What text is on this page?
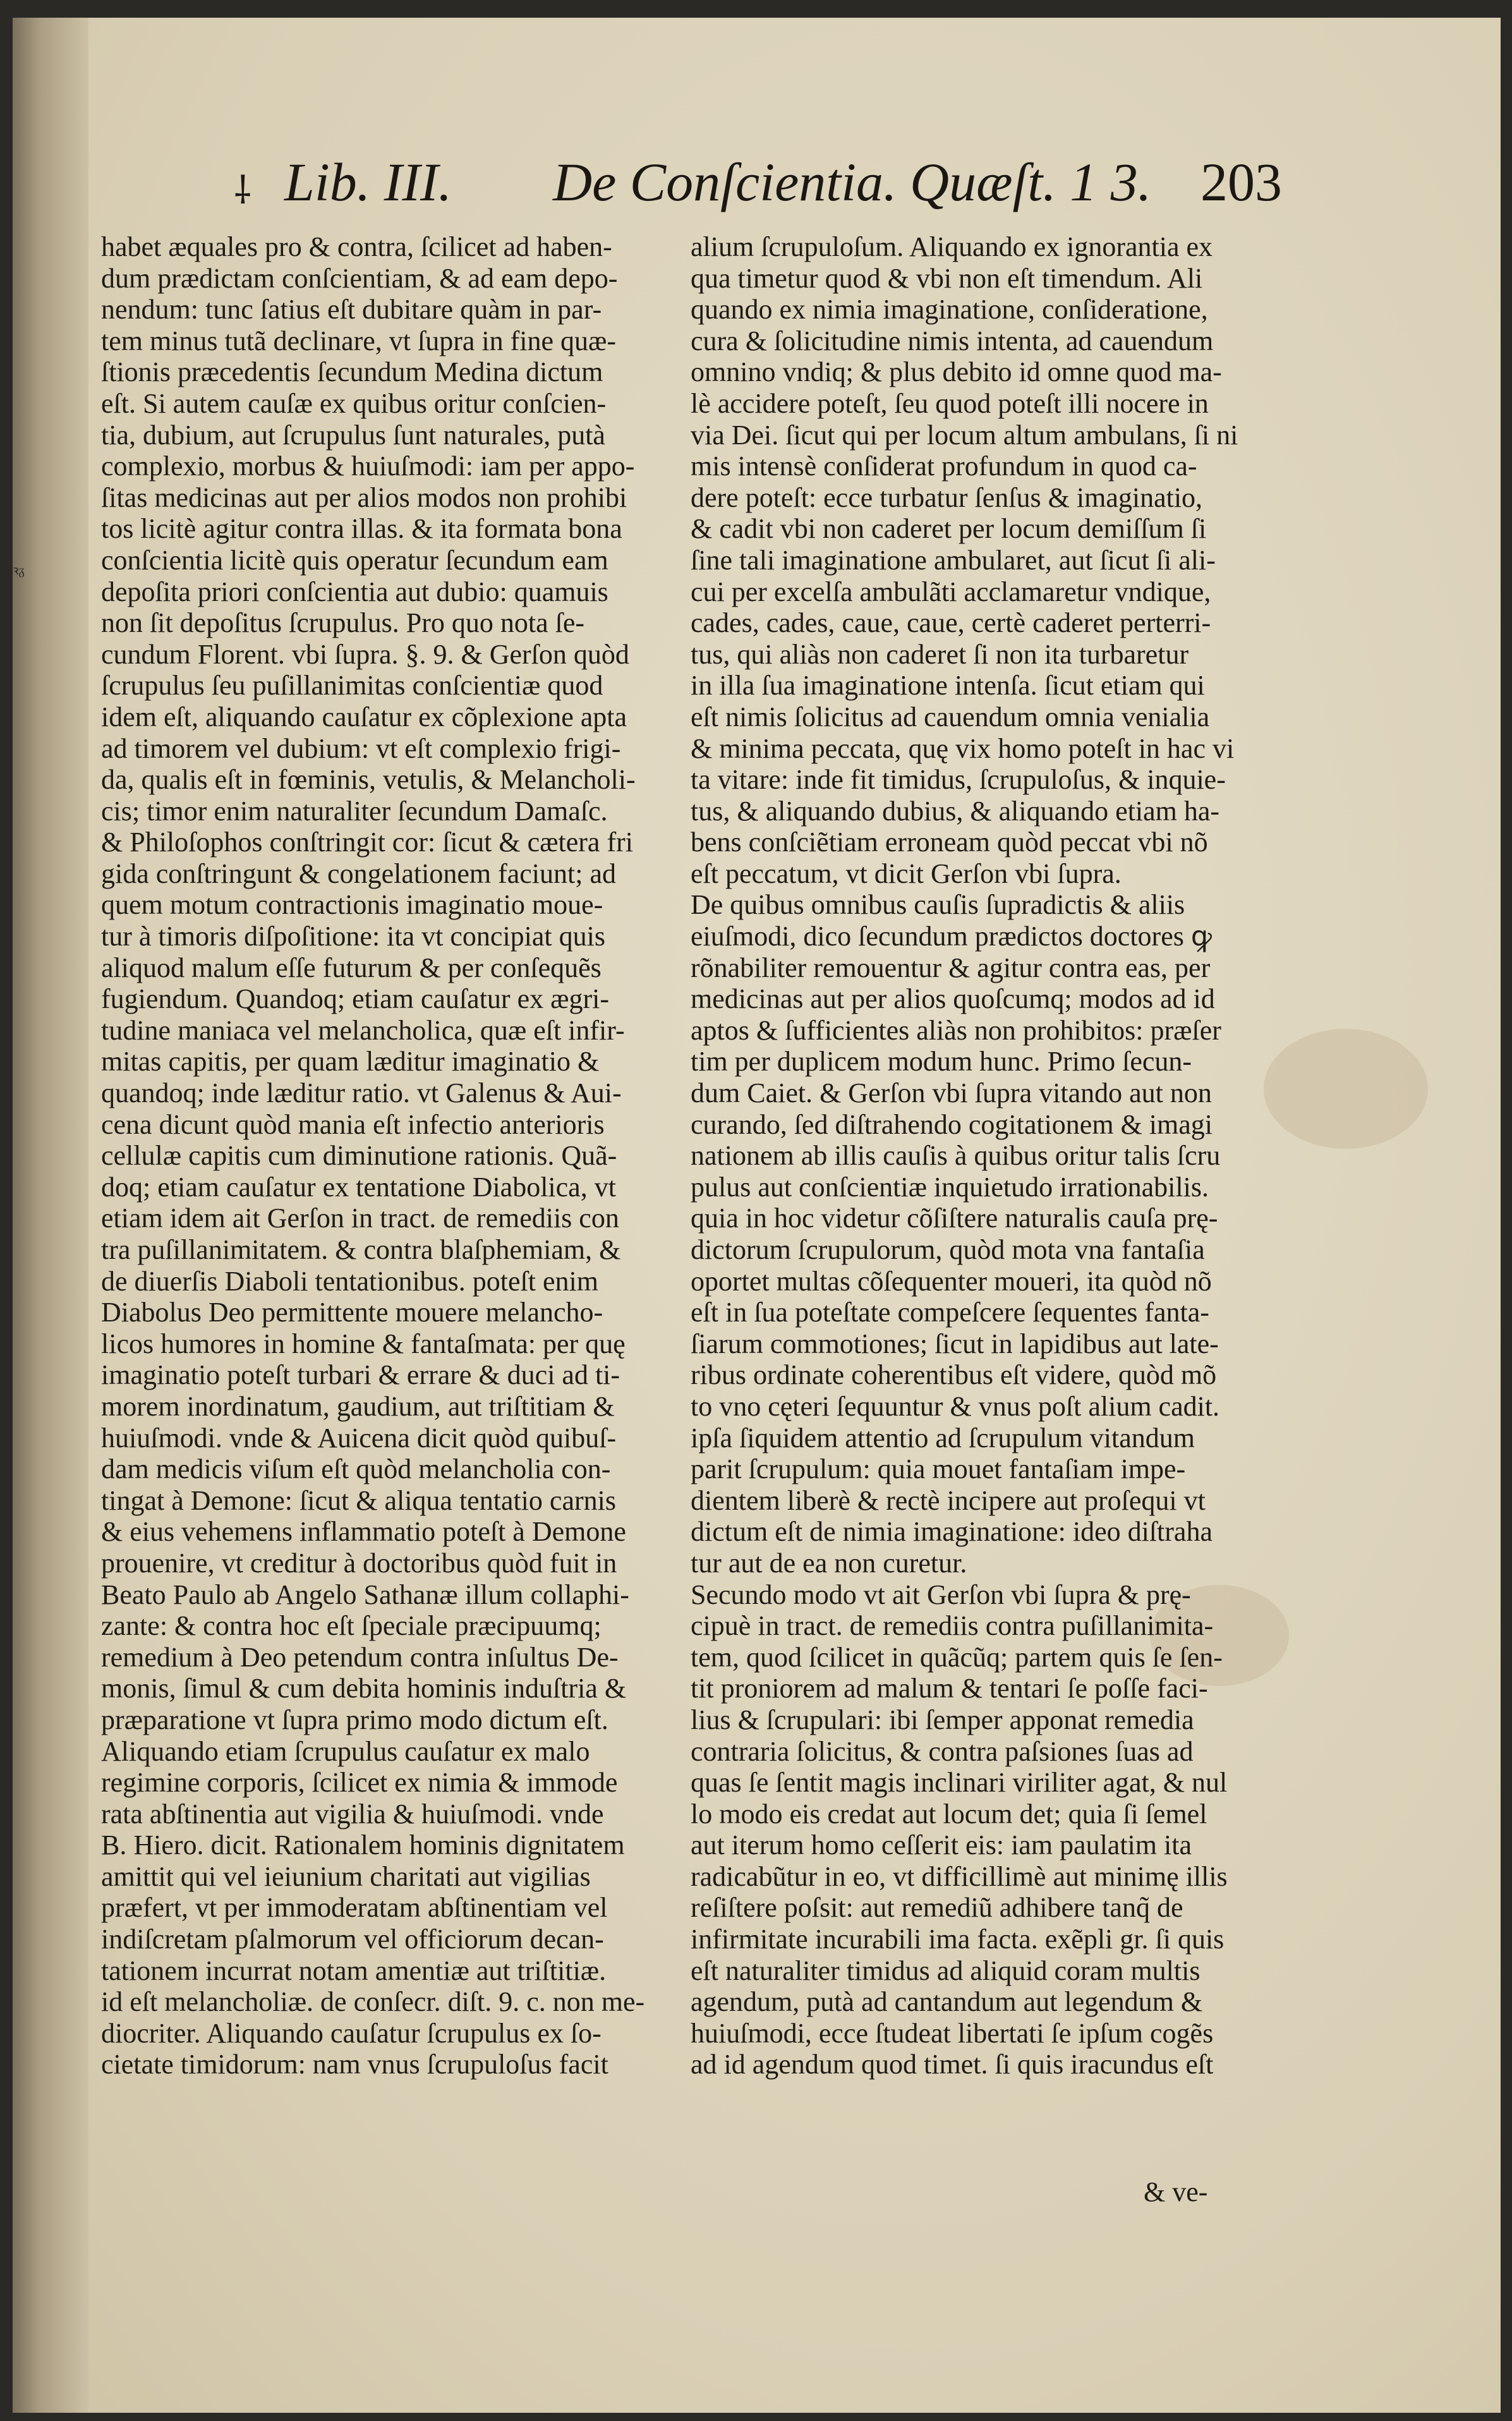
ꝛᵹ
⸸ Lib. III. De Conſcientia. Quæſt. 1 3. 203
habet æquales pro & contra, ſcilicet ad haben-
dum prædictam conſcientiam, & ad eam depo-
nendum: tunc ſatius eſt dubitare quàm in par-
tem minus tutã declinare, vt ſupra in fine quæ-
ſtionis præcedentis ſecundum Medina dictum
eſt. Si autem cauſæ ex quibus oritur conſcien-
tia, dubium, aut ſcrupulus ſunt naturales, putà
complexio, morbus & huiuſmodi: iam per appo-
ſitas medicinas aut per alios modos non prohibi
tos licitè agitur contra illas. & ita formata bona
conſcientia licitè quis operatur ſecundum eam
depoſita priori conſcientia aut dubio: quamuis
non ſit depoſitus ſcrupulus. Pro quo nota ſe-
cundum Florent. vbi ſupra. §. 9. & Gerſon quòd
ſcrupulus ſeu puſillanimitas conſcientiæ quod
idem eſt, aliquando cauſatur ex cõplexione apta
ad timorem vel dubium: vt eſt complexio frigi-
da, qualis eſt in fœminis, vetulis, & Melancholi-
cis; timor enim naturaliter ſecundum Damaſc.
& Philoſophos conſtringit cor: ſicut & cætera fri
gida conſtringunt & congelationem faciunt; ad
quem motum contractionis imaginatio moue-
tur à timoris diſpoſitione: ita vt concipiat quis
aliquod malum eſſe futurum & per conſequẽs
fugiendum. Quandoq; etiam cauſatur ex ægri-
tudine maniaca vel melancholica, quæ eſt infir-
mitas capitis, per quam læditur imaginatio &
quandoq; inde læditur ratio. vt Galenus & Aui-
cena dicunt quòd mania eſt infectio anterioris
cellulæ capitis cum diminutione rationis. Quã-
doq; etiam cauſatur ex tentatione Diabolica, vt
etiam idem ait Gerſon in tract. de remediis con
tra puſillanimitatem. & contra blaſphemiam, &
de diuerſis Diaboli tentationibus. poteſt enim
Diabolus Deo permittente mouere melancho-
licos humores in homine & fantaſmata: per quę
imaginatio poteſt turbari & errare & duci ad ti-
morem inordinatum, gaudium, aut triſtitiam &
huiuſmodi. vnde & Auicena dicit quòd quibuſ-
dam medicis viſum eſt quòd melancholia con-
tingat à Demone: ſicut & aliqua tentatio carnis
& eius vehemens inflammatio poteſt à Demone
prouenire, vt creditur à doctoribus quòd fuit in
Beato Paulo ab Angelo Sathanæ illum collaphi-
zante: & contra hoc eſt ſpeciale præcipuumq;
remedium à Deo petendum contra inſultus De-
monis, ſimul & cum debita hominis induſtria &
præparatione vt ſupra primo modo dictum eſt.
Aliquando etiam ſcrupulus cauſatur ex malo
regimine corporis, ſcilicet ex nimia & immode
rata abſtinentia aut vigilia & huiuſmodi. vnde
B. Hiero. dicit. Rationalem hominis dignitatem
amittit qui vel ieiunium charitati aut vigilias
præfert, vt per immoderatam abſtinentiam vel
indiſcretam pſalmorum vel officiorum decan-
tationem incurrat notam amentiæ aut triſtitiæ.
id eſt melancholiæ. de conſecr. diſt. 9. c. non me-
diocriter. Aliquando cauſatur ſcrupulus ex ſo-
cietate timidorum: nam vnus ſcrupuloſus facit
alium ſcrupuloſum. Aliquando ex ignorantia ex
qua timetur quod & vbi non eſt timendum. Ali
quando ex nimia imaginatione, conſideratione,
cura & ſolicitudine nimis intenta, ad cauendum
omnino vndiq; & plus debito id omne quod ma-
lè accidere poteſt, ſeu quod poteſt illi nocere in
via Dei. ſicut qui per locum altum ambulans, ſi ni
mis intensè conſiderat profundum in quod ca-
dere poteſt: ecce turbatur ſenſus & imaginatio,
& cadit vbi non caderet per locum demiſſum ſi
ſine tali imaginatione ambularet, aut ſicut ſi ali-
cui per excelſa ambulãti acclamaretur vndique,
cades, cades, caue, caue, certè caderet perterri-
tus, qui aliàs non caderet ſi non ita turbaretur
in illa ſua imaginatione intenſa. ſicut etiam qui
eſt nimis ſolicitus ad cauendum omnia venialia
& minima peccata, quę vix homo poteſt in hac vi
ta vitare: inde fit timidus, ſcrupuloſus, & inquie-
tus, & aliquando dubius, & aliquando etiam ha-
bens conſciẽtiam erroneam quòd peccat vbi nõ
eſt peccatum, vt dicit Gerſon vbi ſupra.
De quibus omnibus cauſis ſupradictis & aliis
eiuſmodi, dico ſecundum prædictos doctores ꝙ
rõnabiliter remouentur & agitur contra eas, per
medicinas aut per alios quoſcumq; modos ad id
aptos & ſufficientes aliàs non prohibitos: præſer
tim per duplicem modum hunc. Primo ſecun-
dum Caiet. & Gerſon vbi ſupra vitando aut non
curando, ſed diſtrahendo cogitationem & imagi
nationem ab illis cauſis à quibus oritur talis ſcru
pulus aut conſcientiæ inquietudo irrationabilis.
quia in hoc videtur cõſiſtere naturalis cauſa prę-
dictorum ſcrupulorum, quòd mota vna fantaſia
oportet multas cõſequenter moueri, ita quòd nõ
eſt in ſua poteſtate compeſcere ſequentes fanta-
ſiarum commotiones; ſicut in lapidibus aut late-
ribus ordinate coherentibus eſt videre, quòd mõ
to vno cęteri ſequuntur & vnus poſt alium cadit.
ipſa ſiquidem attentio ad ſcrupulum vitandum
parit ſcrupulum: quia mouet fantaſiam impe-
dientem liberè & rectè incipere aut proſequi vt
dictum eſt de nimia imaginatione: ideo diſtraha
tur aut de ea non curetur.
Secundo modo vt ait Gerſon vbi ſupra & prę-
cipuè in tract. de remediis contra puſillanimita-
tem, quod ſcilicet in quãcũq; partem quis ſe ſen-
tit proniorem ad malum & tentari ſe poſſe faci-
lius & ſcrupulari: ibi ſemper apponat remedia
contraria ſolicitus, & contra paſsiones ſuas ad
quas ſe ſentit magis inclinari viriliter agat, & nul
lo modo eis credat aut locum det; quia ſi ſemel
aut iterum homo ceſſerit eis: iam paulatim ita
radicabũtur in eo, vt difficillimè aut minimę illis
reſiſtere poſsit: aut remediũ adhibere tanq̃ de
infirmitate incurabili ima facta. exẽpli gr. ſi quis
eſt naturaliter timidus ad aliquid coram multis
agendum, putà ad cantandum aut legendum &
huiuſmodi, ecce ſtudeat libertati ſe ipſum cogẽs
ad id agendum quod timet. ſi quis iracundus eſt
& ve-
